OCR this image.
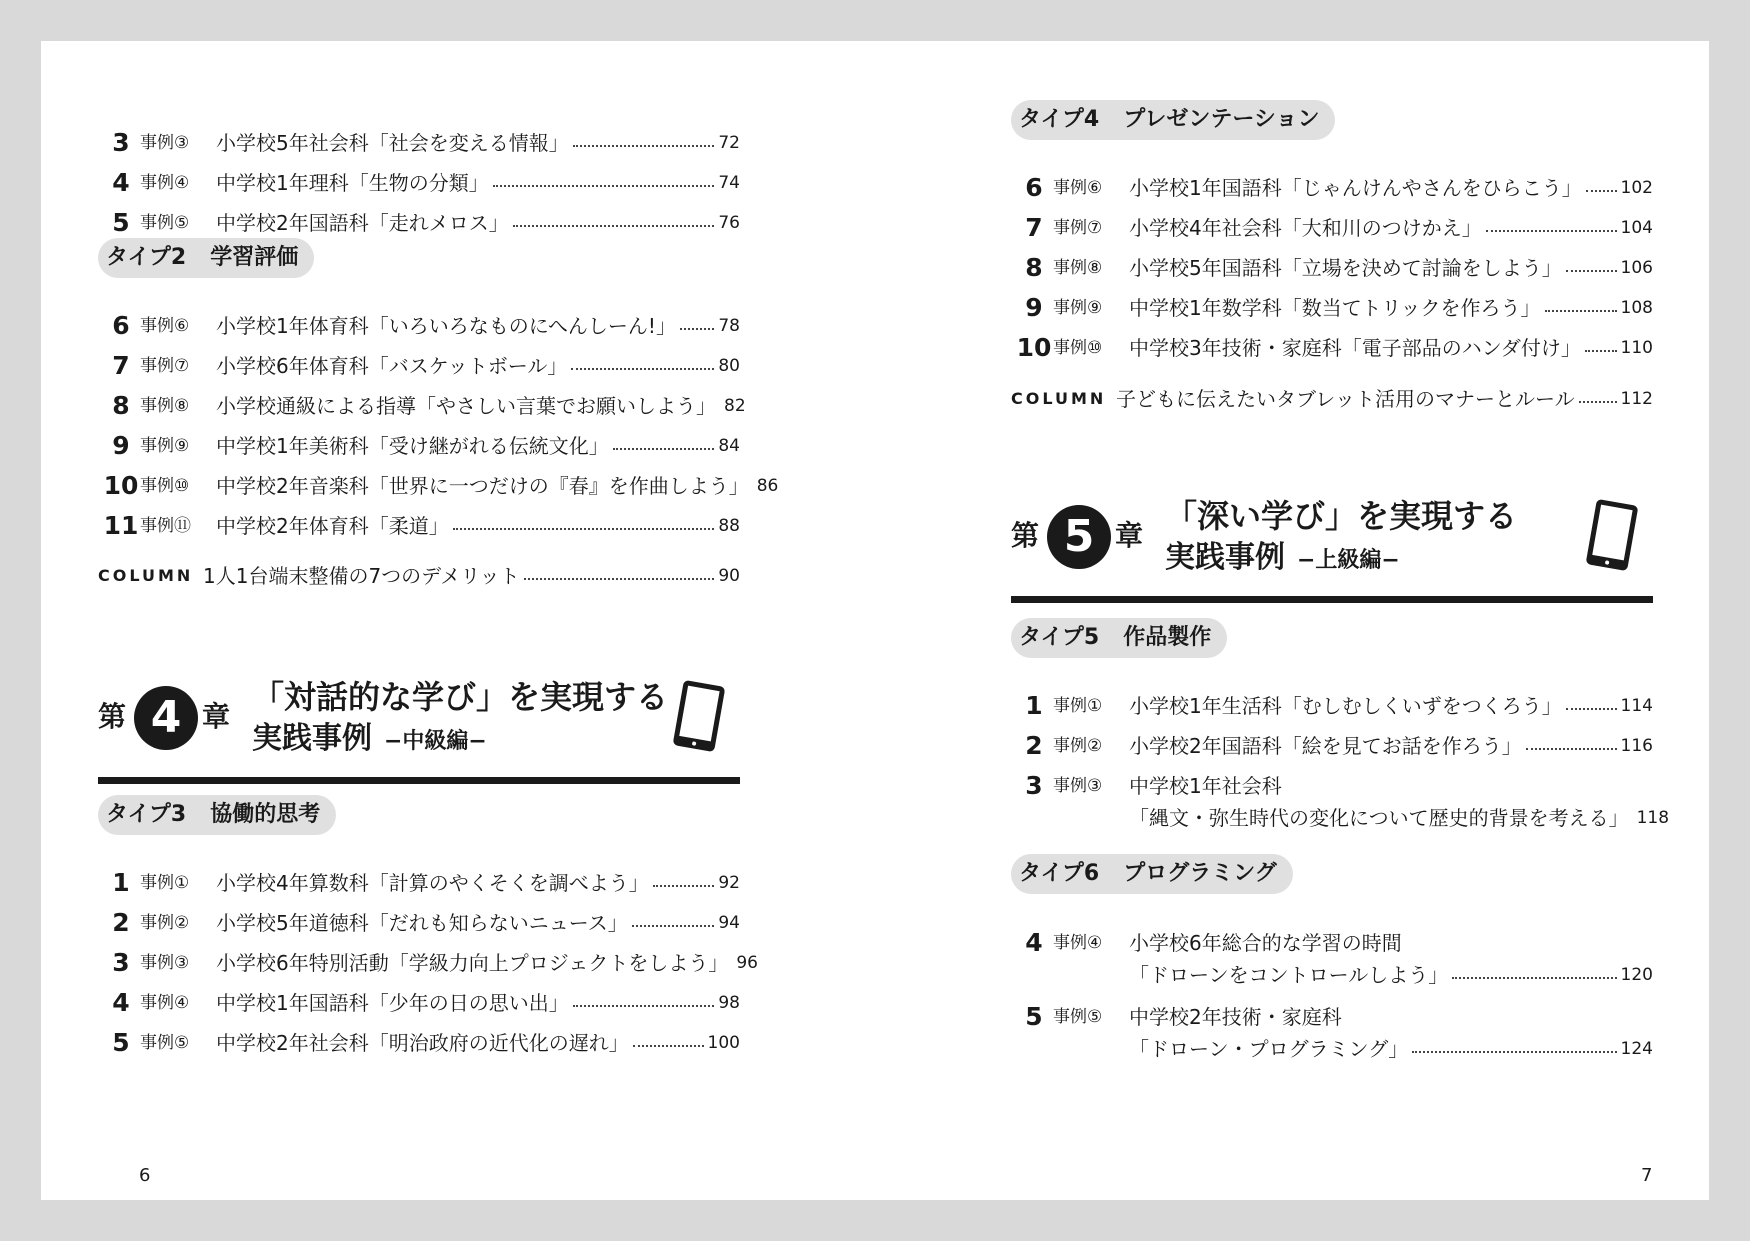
3 事例③ 小学校5年社会科「社会を変える情報」	72
4 事例④ 中学校1年理科「生物の分類」	74
5 事例⑤ 中学校2年国語科「走れメロス」	76
タイプ2 学習評価
6 事例⑥ 小学校1年体育科「いろいろなものにへんしーん!」 78
7 事例⑦ 小学校6年体育科「バスケットボール」	80
8 事例⑧ 小学校通級による指導「やさしい言葉でお願いしよう」 82
9 事例⑨ 中学校1年美術科「受け継がれる伝統文化」	84
10 事例⑩ 中学校2年音楽科「世界に一つだけの『春』を作曲しよう」 86
11 事例⑪ 中学校2年体育科「柔道」	88
COLUMN 1人1台端末整備の7つのデメリット	90
第 4 章
「対話的な学び」を実現する
実践事例 −中級編−
タイプ3 協働的思考
1 事例① 小学校4年算数科「計算のやくそくを調べよう」	92
2 事例② 小学校5年道徳科「だれも知らないニュース」	94
3 事例③ 小学校6年特別活動「学級力向上プロジェクトをしよう」 96
4 事例④ 中学校1年国語科「少年の日の思い出」	98
5 事例⑤ 中学校2年社会科「明治政府の近代化の遅れ」	100
6
タイプ4 プレゼンテーション
6 事例⑥ 小学校1年国語科「じゃんけんやさんをひらこう」 102
7 事例⑦ 小学校4年社会科「大和川のつけかえ」	104
8 事例⑧ 小学校5年国語科「立場を決めて討論をしよう」	106
9 事例⑨ 中学校1年数学科「数当てトリックを作ろう」	108
10 事例⑩ 中学校3年技術・家庭科「電子部品のハンダ付け」 110
COLUMN 子どもに伝えたいタブレット活用のマナーとルール	112
第 5 章
「深い学び」を実現する
実践事例 −上級編−
タイプ5 作品製作
1 事例① 小学校1年生活科「むしむしくいずをつくろう」	114
2 事例② 小学校2年国語科「絵を見てお話を作ろう」	116
3 事例③ 中学校1年社会科
「縄文・弥生時代の変化について歴史的背景を考える」 118
タイプ6 プログラミング
4 事例④ 小学校6年総合的な学習の時間
「ドローンをコントロールしよう」	120
5 事例⑤ 中学校2年技術・家庭科
「ドローン・プログラミング」	124
7
